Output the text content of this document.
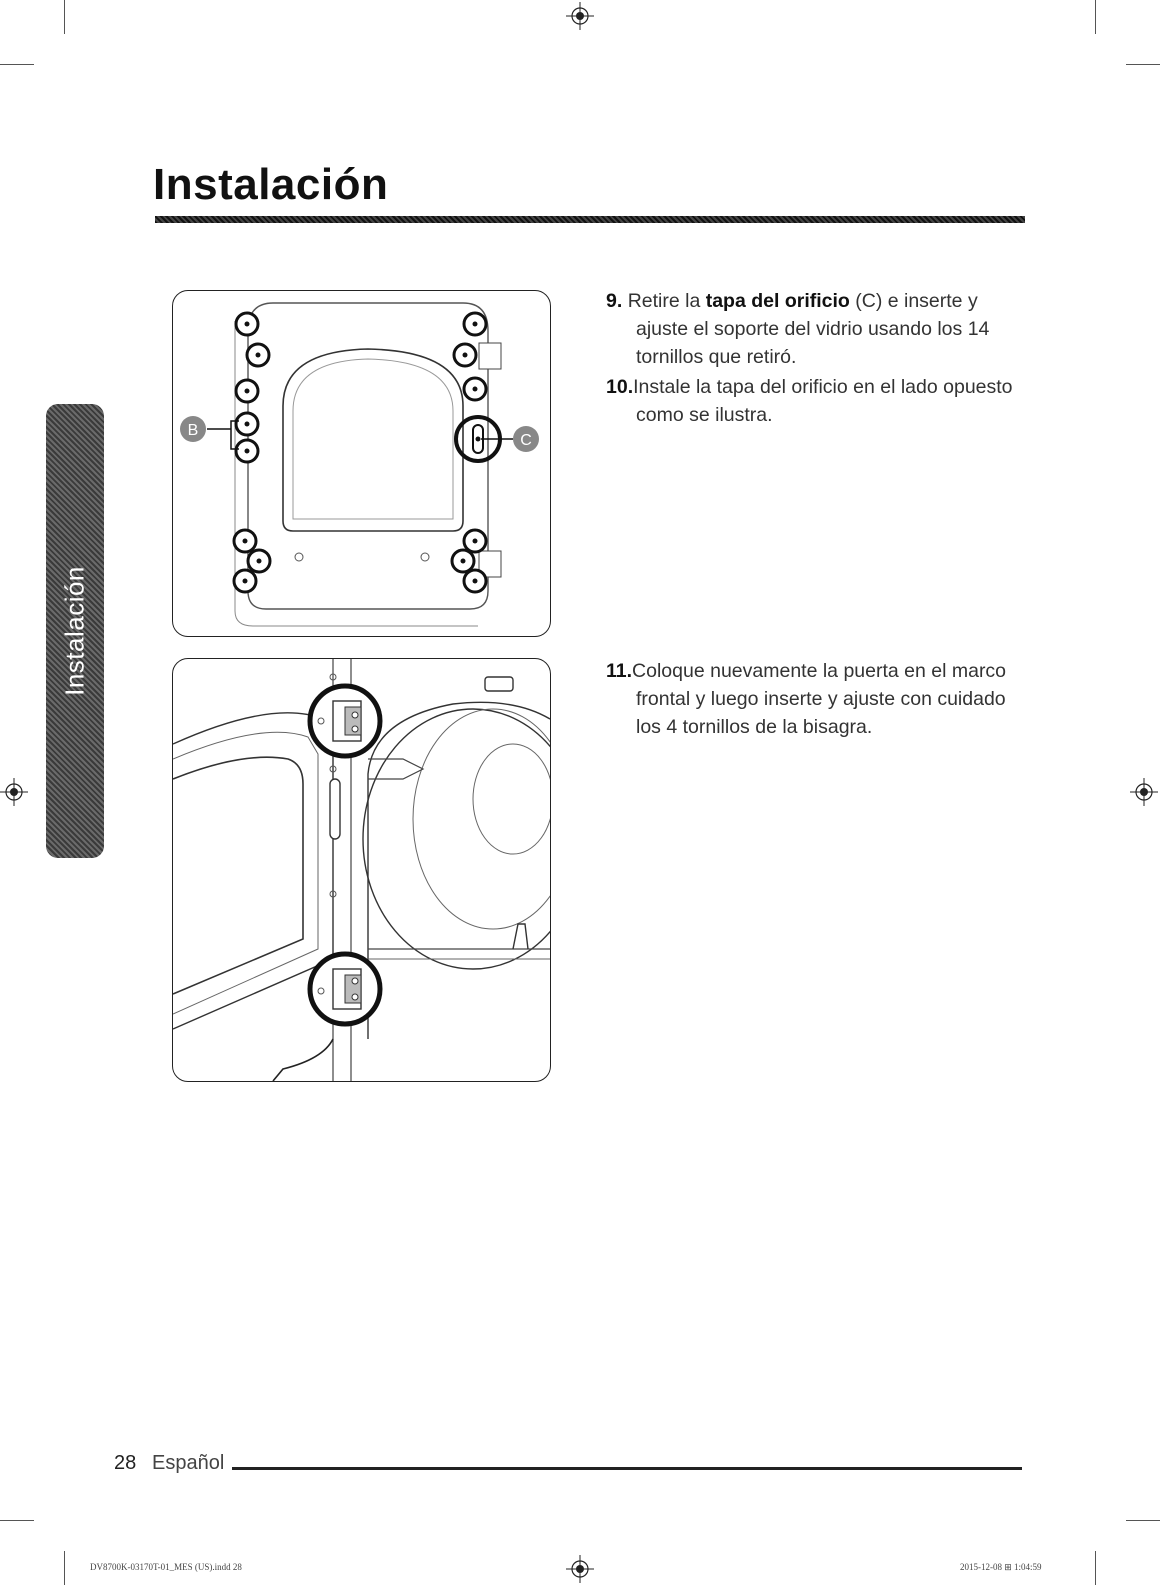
Instalación
Instalación
B
C

9. Retire la tapa del orificio (C) e inserte y ajuste el soporte del vidrio usando los 14 tornillos que retiró.

10.Instale la tapa del orificio en el lado opuesto como se ilustra.

11.Coloque nuevamente la puerta en el marco frontal y luego inserte y ajuste con cuidado los 4 tornillos de la bisagra.

28 Español
DV8700K-03170T-01_MES (US).indd 28	2015-12-08 ⊞ 1:04:59
